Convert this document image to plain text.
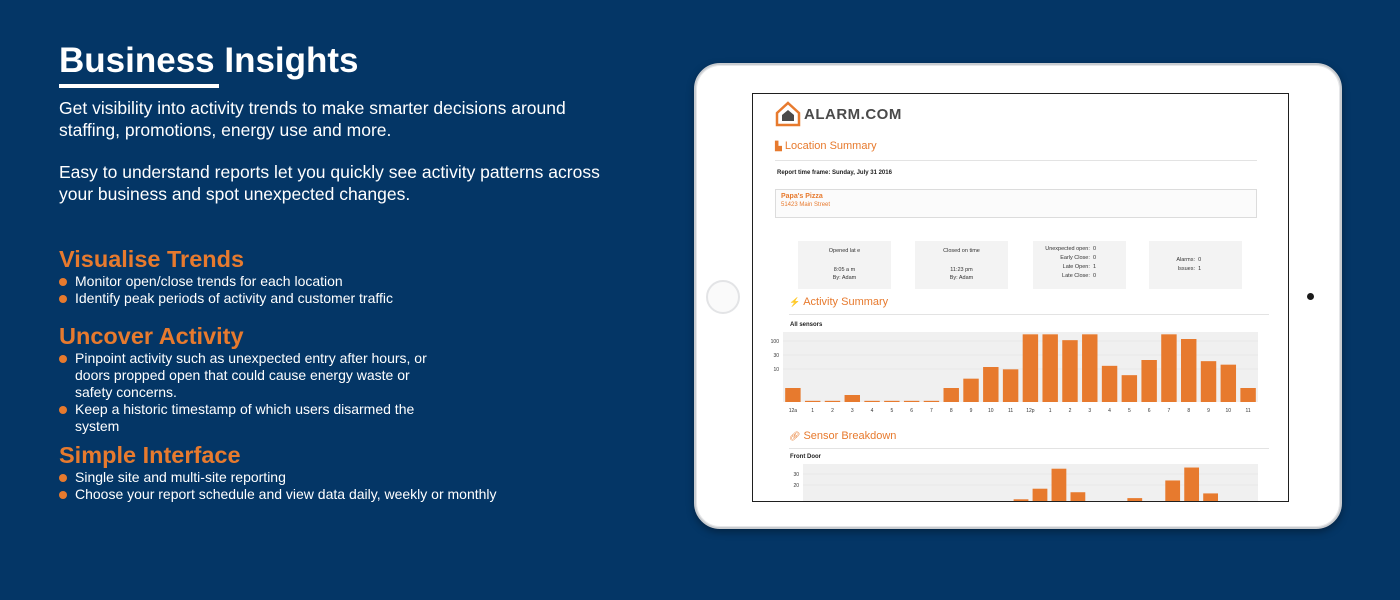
Business Insights

Get visibility into activity trends to make smarter decisions around staffing, promotions, energy use and more.

Easy to understand reports let you quickly see activity patterns across your business and spot unexpected changes.

Visualise Trends
Monitor open/close trends for each location
Identify peak periods of activity and customer traffic
Uncover Activity
Pinpoint activity such as unexpected entry after hours, or doors propped open that could cause energy waste or safety concerns.
Keep a historic timestamp of which users disarmed the system
Simple Interface
Single site and multi-site reporting
Choose your report schedule and view data daily, weekly or monthly
ALARM.COM
▙ Location Summary
Report time frame: Sunday, July 31 2016
Papa's Pizza
51423 Main Street
Opened lat e
8:05 a m
By: Adam
Closed on time
11:23 pm
By: Adam
Unexpected open: 0
Early Close: 0
Late Open: 1
Late Close: 0
Alarms: 0
Issues: 1
⚡ Activity Summary
All sensors
100
30
10
12a	1	2	3	4	5	6	7	8	9	10	11	12p	1	2	3	4	5	6	7	8	9	10	11
🔗︎ Sensor Breakdown
Front Door
30
20
